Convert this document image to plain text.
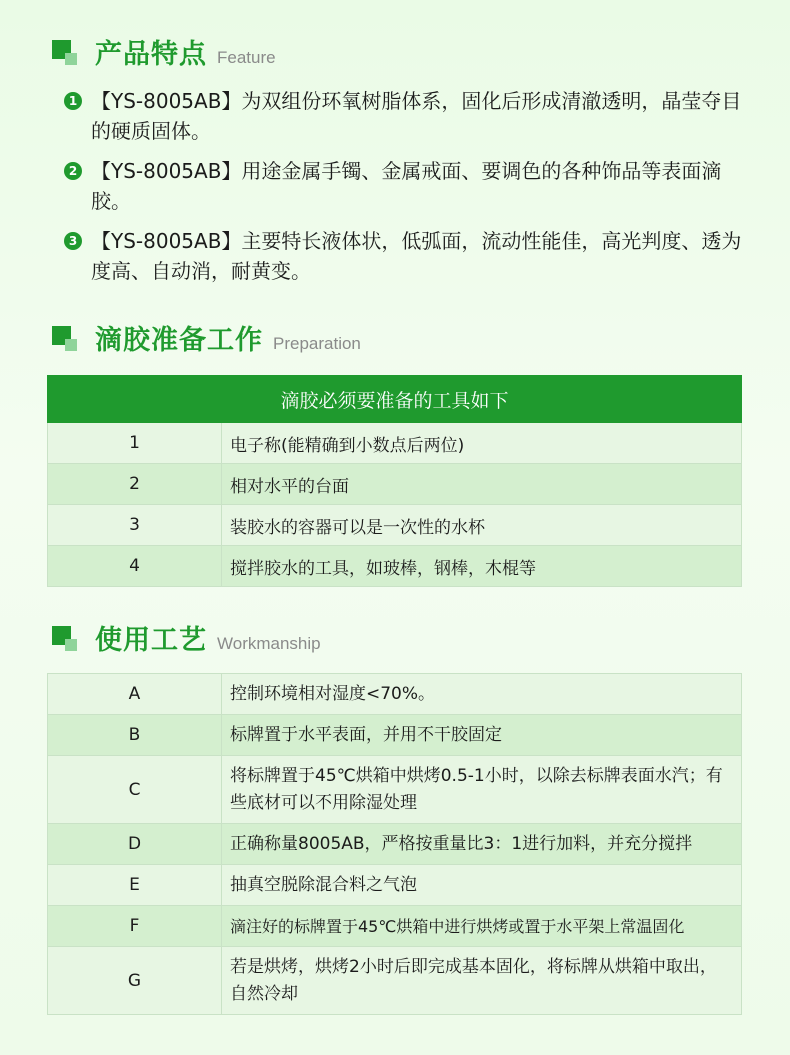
产品特点 Feature
1 【YS-8005AB】为双组份环氧树脂体系，固化后形成清澈透明，晶莹夺目的硬质固体。
2 【YS-8005AB】用途金属手镯、金属戒面、要调色的各种饰品等表面滴胶。
3 【YS-8005AB】主要特长液体状，低弧面，流动性能佳，高光判度、透为度高、自动消，耐黄变。
滴胶准备工作 Preparation
滴胶必须要准备的工具如下	
1	电子称(能精确到小数点后两位)
2	相对水平的台面
3	装胶水的容器可以是一次性的水杯
4	搅拌胶水的工具，如玻棒，钢棒，木棍等
使用工艺 Workmanship
A	控制环境相对湿度<70%。
B	标牌置于水平表面，并用不干胶固定
C	将标牌置于45℃烘箱中烘烤0.5-1小时，以除去标牌表面水汽；有些底材可以不用除湿处理
D	正确称量8005AB，严格按重量比3：1进行加料，并充分搅拌
E	抽真空脱除混合料之气泡
F	滴注好的标牌置于45℃烘箱中进行烘烤或置于水平架上常温固化
G	若是烘烤，烘烤2小时后即完成基本固化，将标牌从烘箱中取出，自然冷却
